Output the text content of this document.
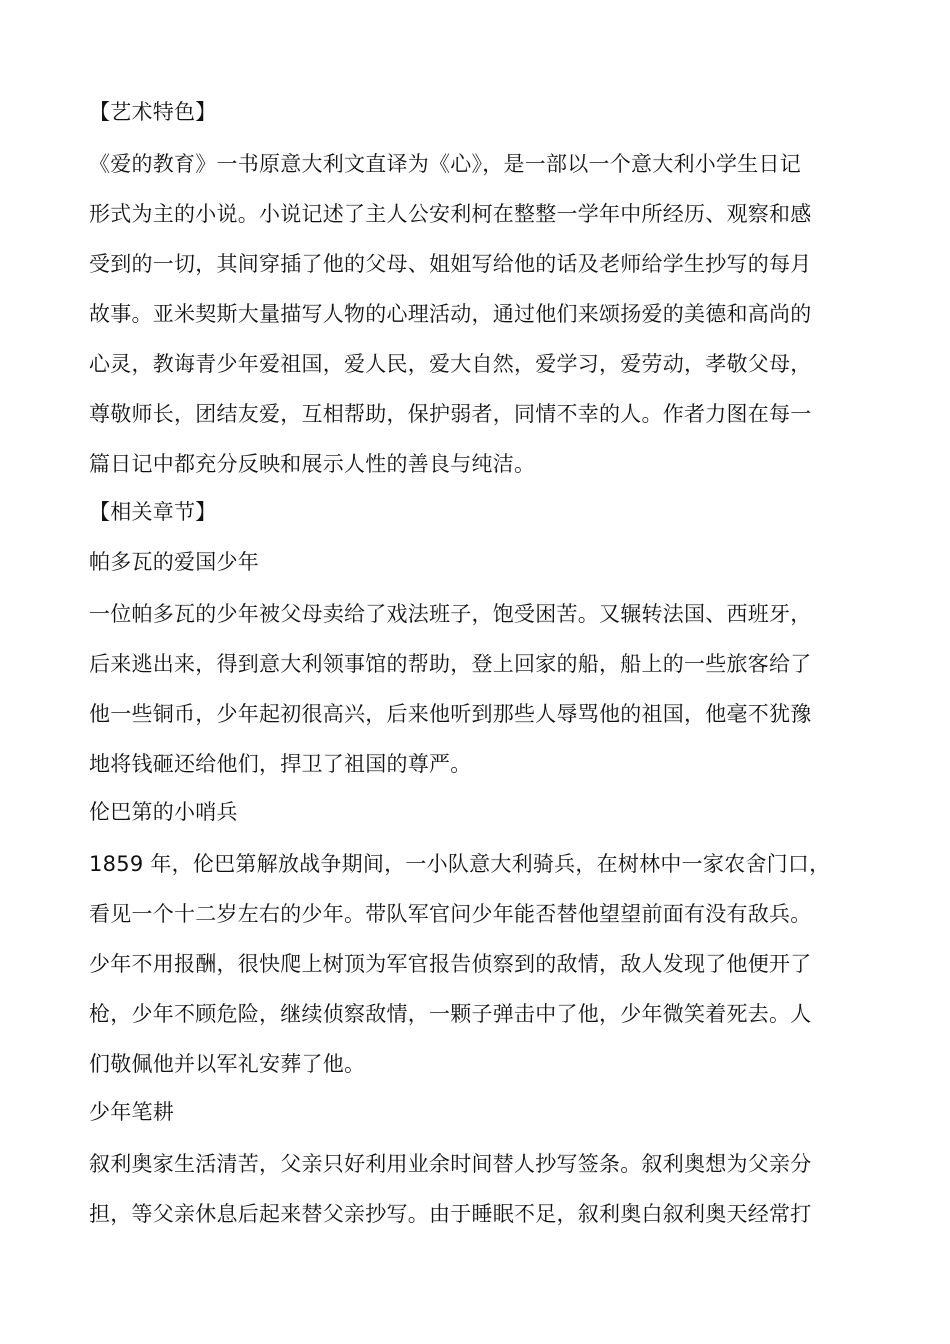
【艺术特色】
《爱的教育》一书原意大利文直译为《心》，是一部以一个意大利小学生日记
形式为主的小说。小说记述了主人公安利柯在整整一学年中所经历、观察和感
受到的一切，其间穿插了他的父母、姐姐写给他的话及老师给学生抄写的每月
故事。亚米契斯大量描写人物的心理活动，通过他们来颂扬爱的美德和高尚的
心灵，教诲青少年爱祖国，爱人民，爱大自然，爱学习，爱劳动，孝敬父母，
尊敬师长，团结友爱，互相帮助，保护弱者，同情不幸的人。作者力图在每一
篇日记中都充分反映和展示人性的善良与纯洁。
【相关章节】
帕多瓦的爱国少年
一位帕多瓦的少年被父母卖给了戏法班子，饱受困苦。又辗转法国、西班牙，
后来逃出来，得到意大利领事馆的帮助，登上回家的船，船上的一些旅客给了
他一些铜币，少年起初很高兴，后来他听到那些人辱骂他的祖国，他毫不犹豫
地将钱砸还给他们，捍卫了祖国的尊严。
伦巴第的小哨兵
1859 年，伦巴第解放战争期间，一小队意大利骑兵，在树林中一家农舍门口，
看见一个十二岁左右的少年。带队军官问少年能否替他望望前面有没有敌兵。
少年不用报酬，很快爬上树顶为军官报告侦察到的敌情，敌人发现了他便开了
枪，少年不顾危险，继续侦察敌情，一颗子弹击中了他，少年微笑着死去。人
们敬佩他并以军礼安葬了他。
少年笔耕
叙利奥家生活清苦，父亲只好利用业余时间替人抄写签条。叙利奥想为父亲分
担，等父亲休息后起来替父亲抄写。由于睡眠不足，叙利奥白叙利奥天经常打
